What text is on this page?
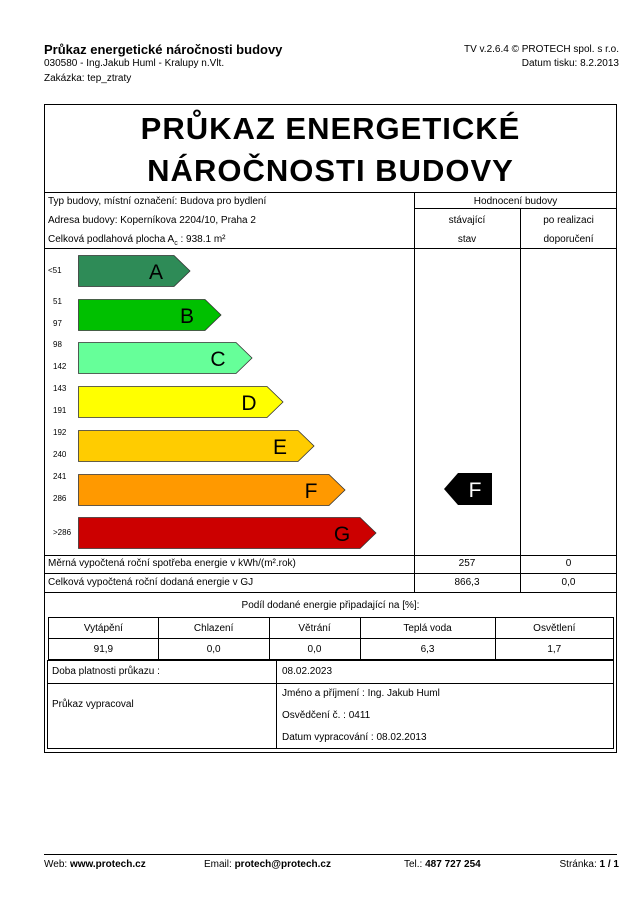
Průkaz energetické náročnosti budovy
030580 - Ing.Jakub Huml - Kralupy n.Vlt.
Zakázka: tep_ztraty
TV v.2.6.4 © PROTECH spol. s r.o.
Datum tisku: 8.2.2013
PRŮKAZ ENERGETICKÉ
NÁROČNOSTI BUDOVY
Typ budovy, místní označení: Budova pro bydlení
Adresa budovy: Koperníkova 2204/10, Praha 2
Celková podlahová plocha $A_c$ : 938.1 m²
Hodnocení budovy
stávající
stav
po realizaci
doporučení
A
<51
B
97
51
C
142
98
D
191
143
E
240
192
F
286
241
G
>286
F
Měrná vypočtená roční spotřeba energie v kWh/(m².rok)	257	0
Celková vypočtená roční dodaná energie v GJ	866,3	0,0
Podíl dodané energie připadající na [%]:
Vytápění	Chlazení	Větrání	Teplá voda	Osvětlení
91,9	0,0	0,0	6,3	1,7
Doba platnosti průkazu :	08.02.2023
Průkaz vypracoval
Jméno a příjmení : Ing. Jakub Huml
Osvědčení č. : 0411
Datum vypracování : 08.02.2013
Web: www.protech.cz	Email: protech@protech.cz	Tel.: 487 727 254	Stránka: 1 / 1
